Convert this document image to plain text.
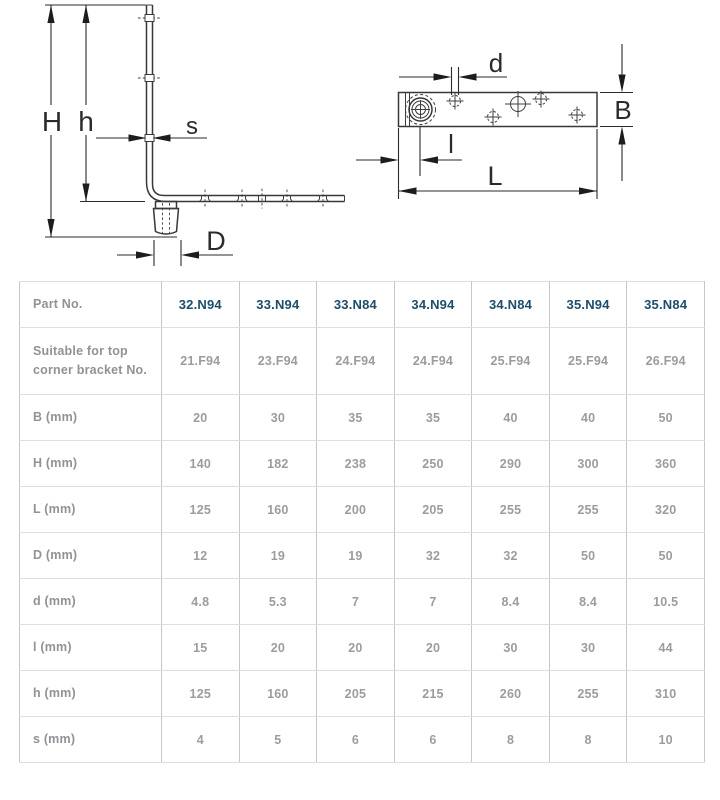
H h	s
D
d
B
l
L
Part No.	32.N94	33.N94	33.N84	34.N94	34.N84	35.N94	35.N84
Suitable for top corner bracket No.	21.F94	23.F94	24.F94	24.F94	25.F94	25.F94	26.F94
B (mm)	20	30	35	35	40	40	50
H (mm)	140	182	238	250	290	300	360
L (mm)	125	160	200	205	255	255	320
D (mm)	12	19	19	32	32	50	50
d (mm)	4.8	5.3	7	7	8.4	8.4	10.5
l (mm)	15	20	20	20	30	30	44
h (mm)	125	160	205	215	260	255	310
s (mm)	4	5	6	6	8	8	10
